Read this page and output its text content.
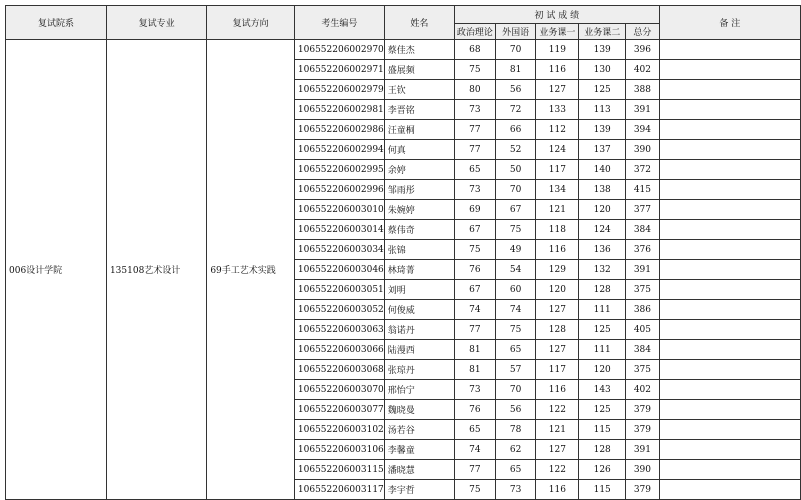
复试院系	复试专业	复试方向	考生编号	姓名	初 试 成 绩					备 注
					政治理论	外国语	业务课一	业务课二	总分	
006设计学院	135108艺术设计	69手工艺术实践	106552206002970	蔡佳杰	68	70	119	139	396	
			106552206002971	盛展频	75	81	116	130	402	
			106552206002979	王钦	80	56	127	125	388	
			106552206002981	李晋铭	73	72	133	113	391	
			106552206002986	汪童桐	77	66	112	139	394	
			106552206002994	何真	77	52	124	137	390	
			106552206002995	余婷	65	50	117	140	372	
			106552206002996	邹雨彤	73	70	134	138	415	
			106552206003010	朱婉婷	69	67	121	120	377	
			106552206003014	蔡伟奇	67	75	118	124	384	
			106552206003034	张锦	75	49	116	136	376	
			106552206003046	林琦菁	76	54	129	132	391	
			106552206003051	刘明	67	60	120	128	375	
			106552206003052	何俊威	74	74	127	111	386	
			106552206003063	翁诺丹	77	75	128	125	405	
			106552206003066	陆漫西	81	65	127	111	384	
			106552206003068	张琼丹	81	57	117	120	375	
			106552206003070	邢怡宁	73	70	116	143	402	
			106552206003077	魏晓曼	76	56	122	125	379	
			106552206003102	汤若谷	65	78	121	115	379	
			106552206003106	李馨童	74	62	127	128	391	
			106552206003115	潘晓慧	77	65	122	126	390	
			106552206003117	李宇哲	75	73	116	115	379	
